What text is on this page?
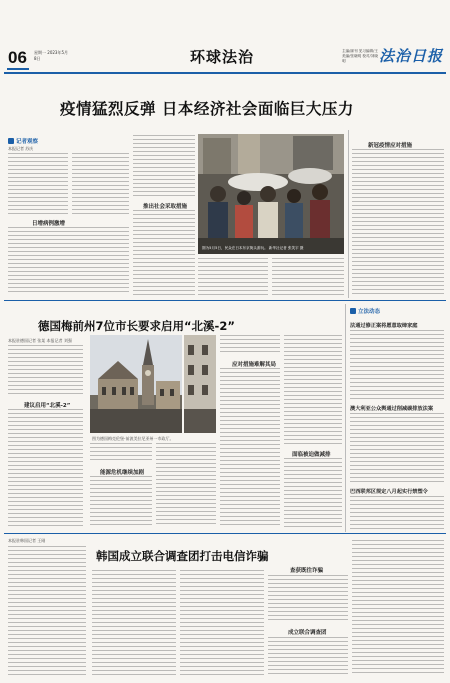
06 星期一 2023年5月8日	环球法治	主编/副刊 见习编辑/王 美编/张晓明 校对/刘晓明	法治日报
疫情猛烈反弹 日本经济社会面临巨大压力
记者观察
本报记者 苏庆
日增病例激增
推出社会采取措施
图为5月5日，民众在日本东京街头游玩。 新华社记者 张笑宇 摄
新冠疫情应对措施
德国梅前州7位市长要求启用“北溪-2”
本报驻德国记者 张某 本报记者 刘强
建议启用“北溪-2”
图为德国梅克伦堡-前波美拉尼亚州一市政厅。
能源危机继续加剧
应对措施难解其局
面临被迫做减排
立法动态
法通过修正案将愿意取缔家庭
澳大利亚公众舆通过削减碳排放法案
巴西联邦区规定八月起实行禁塑令
本报驻韩国记者 王刚
韩国成立联合调查团打击电信诈骗
查获既往诈骗
成立联合调查团
